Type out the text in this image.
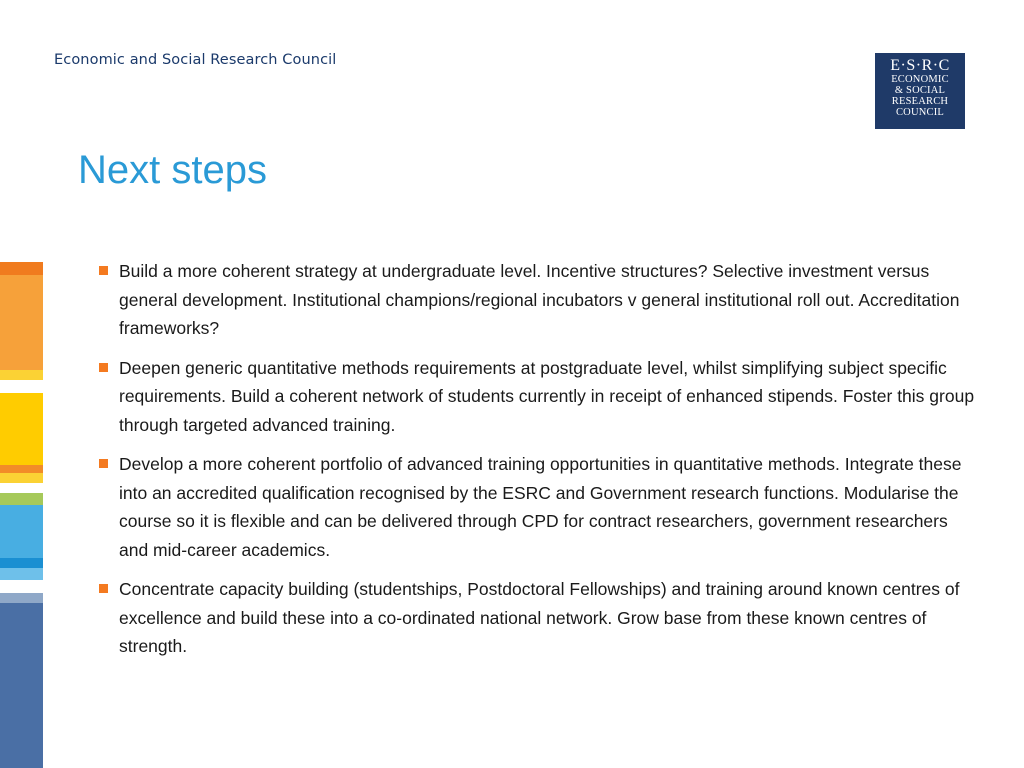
Economic and Social Research Council	E·S·R·C
ECONOMIC
& SOCIAL
RESEARCH
COUNCIL
Next steps
Build a more coherent strategy at undergraduate level. Incentive structures? Selective investment versus general development. Institutional champions/regional incubators v general institutional roll out. Accreditation frameworks?
Deepen generic quantitative methods requirements at postgraduate level, whilst simplifying subject specific requirements. Build a coherent network of students currently in receipt of enhanced stipends. Foster this group through targeted advanced training.
Develop a more coherent portfolio of advanced training opportunities in quantitative methods. Integrate these into an accredited qualification recognised by the ESRC and Government research functions. Modularise the course so it is flexible and can be delivered through CPD for contract researchers, government researchers and mid-career academics.
Concentrate capacity building (studentships, Postdoctoral Fellowships) and training around known centres of excellence and build these into a co-ordinated national network. Grow base from these known centres of strength.
